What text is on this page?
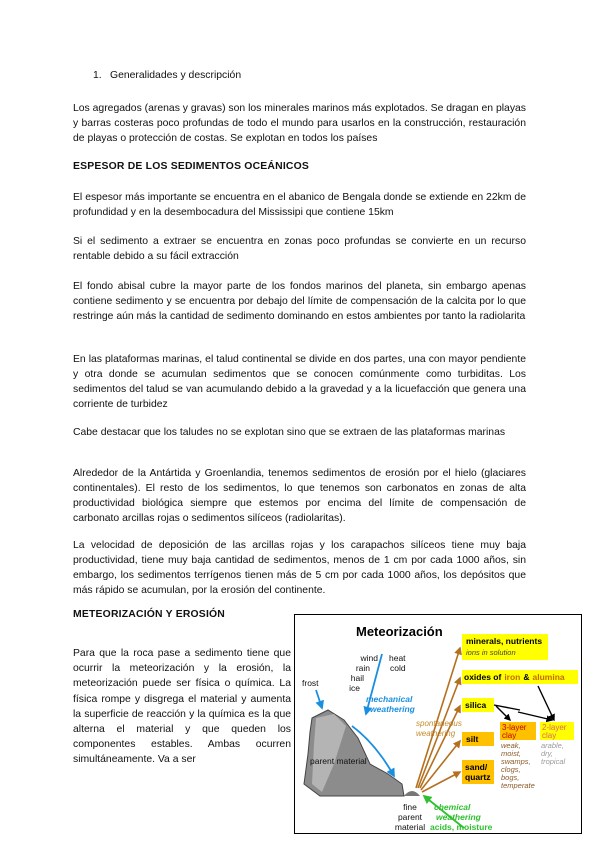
1. Generalidades y descripción

Los agregados (arenas y gravas) son los minerales marinos más explotados. Se dragan en playas y barras costeras poco profundas de todo el mundo para usarlos en la construcción, restauración de playas o protección de costas. Se explotan en todos los países

ESPESOR DE LOS SEDIMENTOS OCEÁNICOS

El espesor más importante se encuentra en el abanico de Bengala donde se extiende en 22km de profundidad y en la desembocadura del Mississipi que contiene 15km

Si el sedimento a extraer se encuentra en zonas poco profundas se convierte en un recurso rentable debido a su fácil extracción

El fondo abisal cubre la mayor parte de los fondos marinos del planeta, sin embargo apenas contiene sedimento y se encuentra por debajo del límite de compensación de la calcita por lo que restringe aún más la cantidad de sedimento dominando en estos ambientes por tanto la radiolarita

En las plataformas marinas, el talud continental se divide en dos partes, una con mayor pendiente y otra donde se acumulan sedimentos que se conocen comúnmente como turbiditas. Los sedimentos del talud se van acumulando debido a la gravedad y a la licuefacción que genera una corriente de turbidez

Cabe destacar que los taludes no se explotan sino que se extraen de las plataformas marinas

Alrededor de la Antártida y Groenlandia, tenemos sedimentos de erosión por el hielo (glaciares continentales). El resto de los sedimentos, lo que tenemos son carbonatos en zonas de alta productividad biológica siempre que estemos por encima del límite de compensación de carbonato arcillas rojas o sedimentos silíceos (radiolaritas).

La velocidad de deposición de las arcillas rojas y los carapachos silíceos tiene muy baja productividad, tiene muy baja cantidad de sedimentos, menos de 1 cm por cada 1000 años, sin embargo, los sedimentos terrígenos tienen más de 5 cm por cada 1000 años, los depósitos que más rápido se acumulan, por la erosión del continente.

METEORIZACIÓN Y EROSIÓN

Para que la roca pase a sedimento tiene que ocurrir la meteorización y la erosión, la meteorización puede ser física o química. La física rompe y disgrega el material y aumenta la superficie de reacción y la química es la que alterna el material y que queden los componentes estables. Ambas ocurren simultáneamente. Va a ser

Meteorización
parent material
fine
parent
material
frost
wind
rain
hail
ice
heat
cold
mechanical
weathering
spontaneous
weathering
minerals, nutrients
ions in solution
oxides of iron & alumina
silica
silt
sand/
quartz
3-layer
clay
weak,
moist,
swamps,
clogs,
bogs,
temperate
2-layer
clay
arable,
dry,
tropical
chemical
weathering
acids, moisture
